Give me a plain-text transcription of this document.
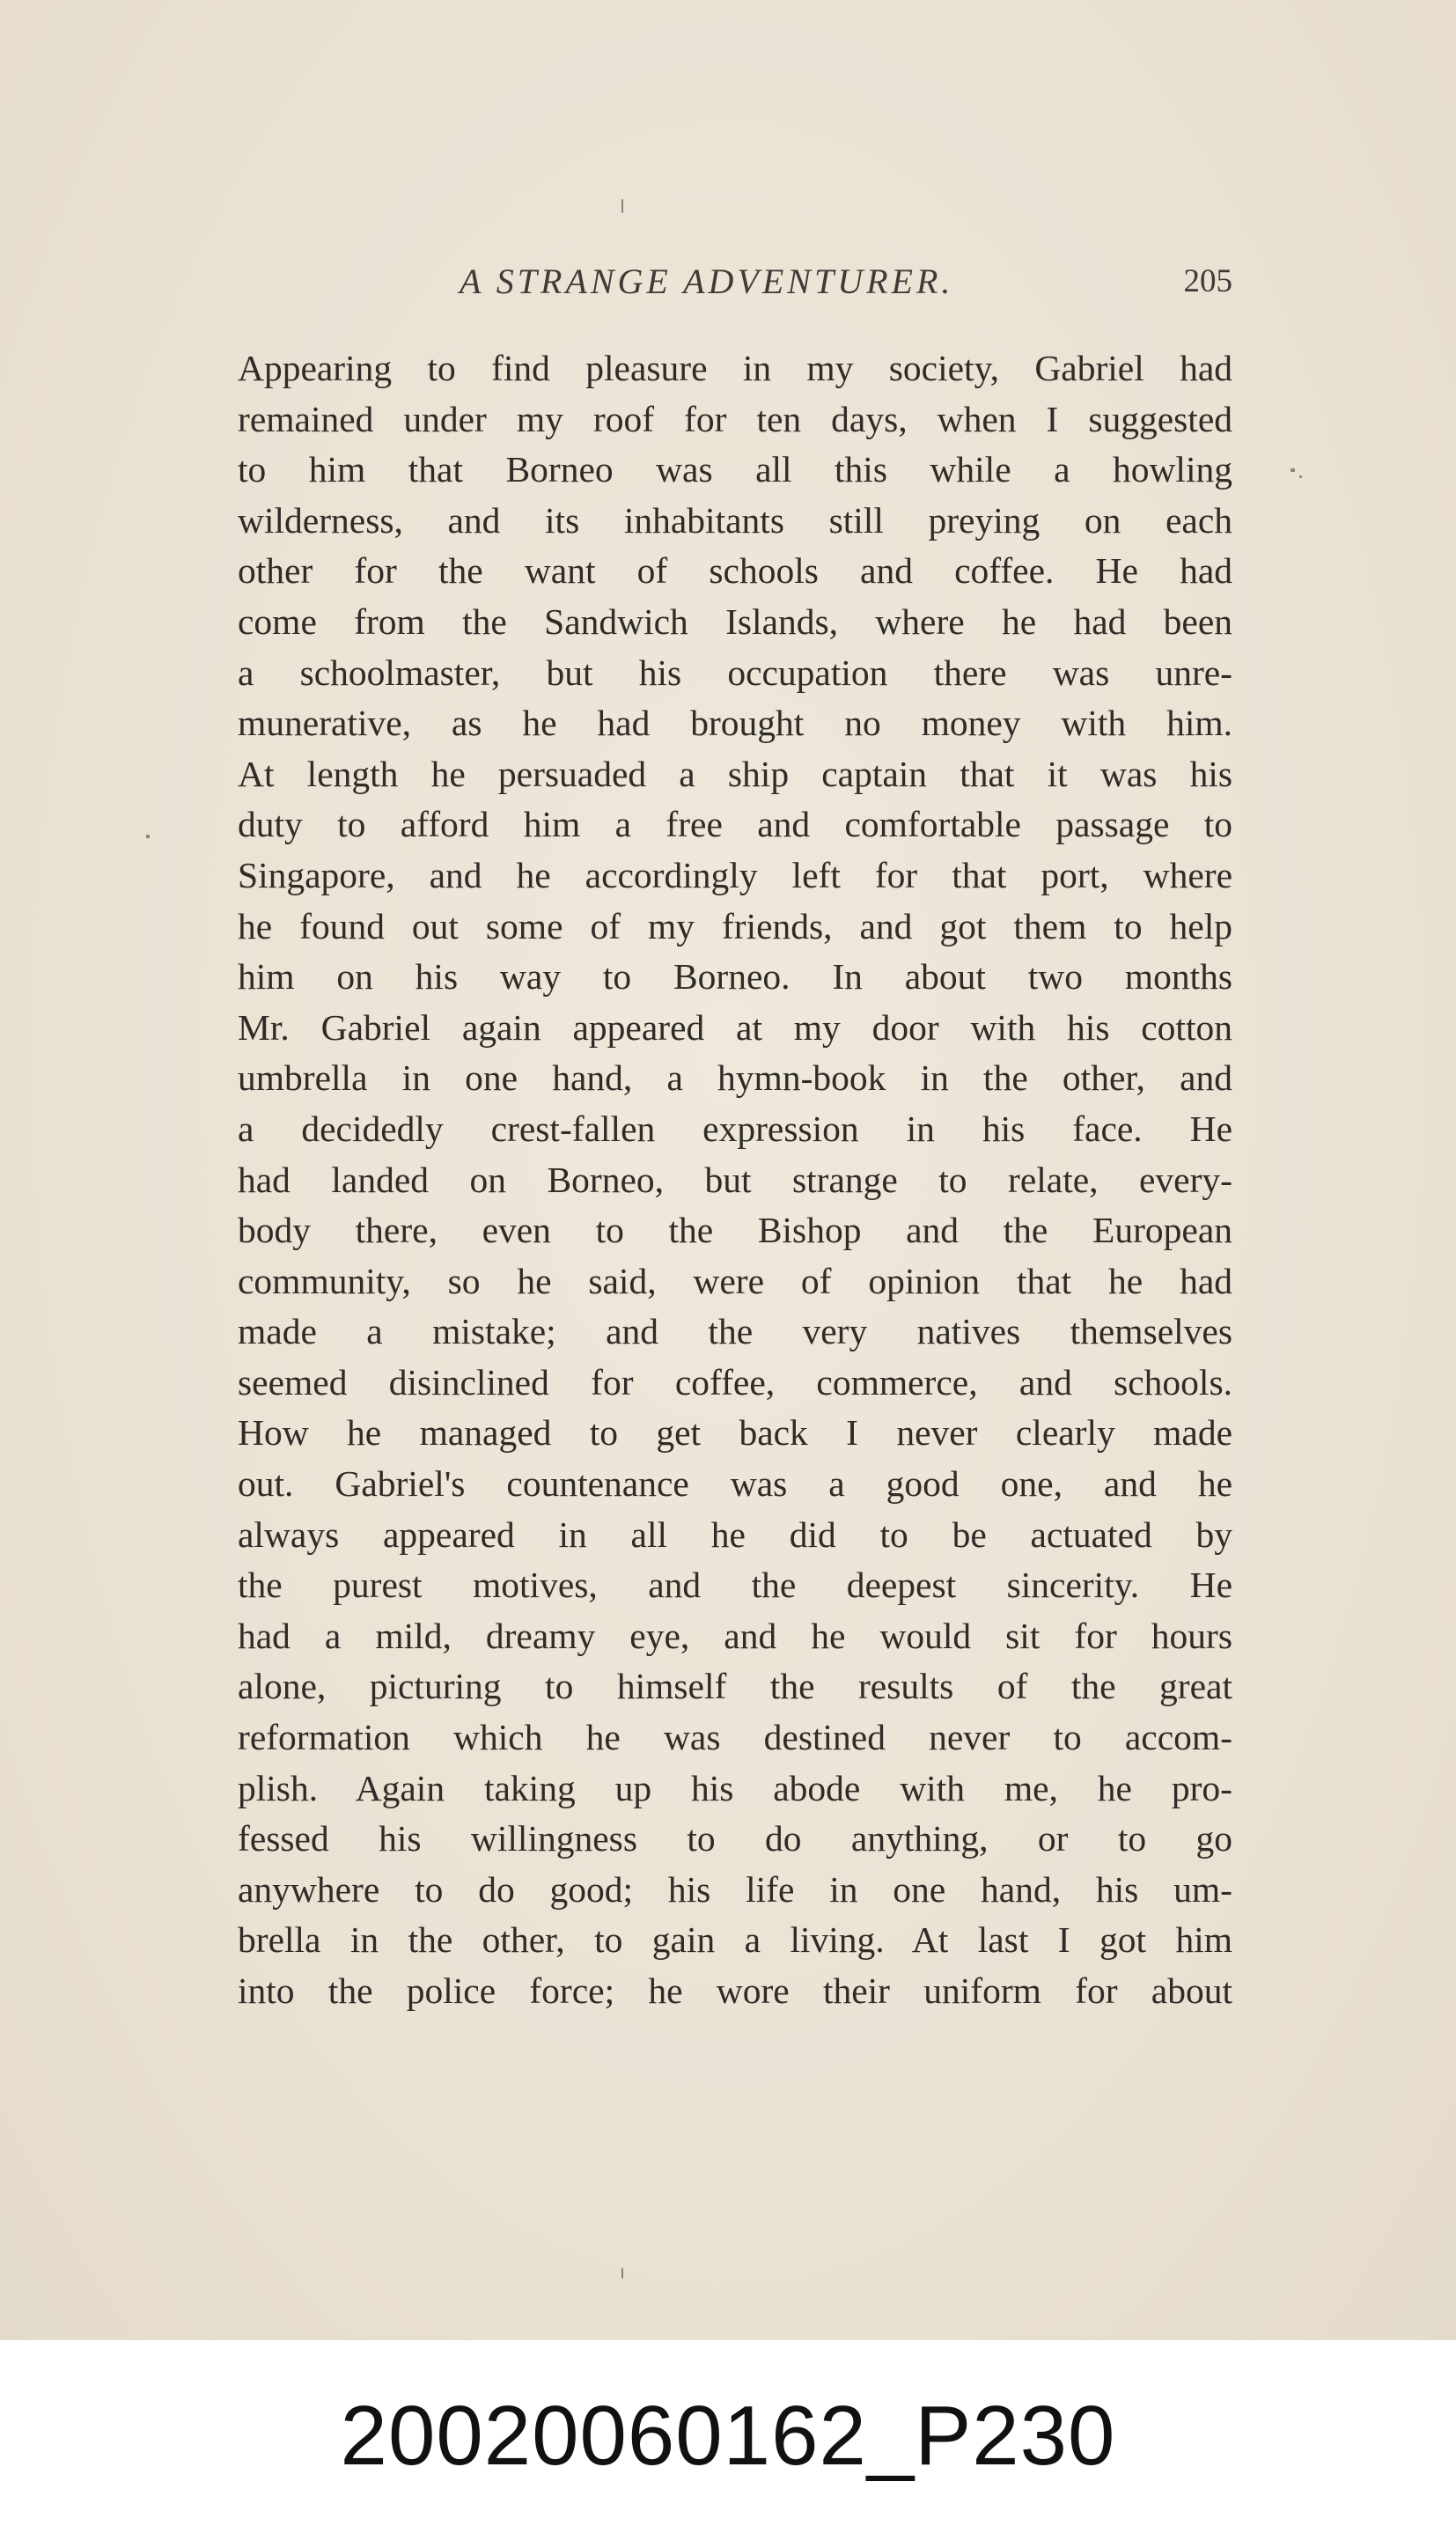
A STRANGE ADVENTURER.	205
Appearing to find pleasure in my society, Gabriel had
remained under my roof for ten days, when I suggested
to him that Borneo was all this while a howling
wilderness, and its inhabitants still preying on each
other for the want of schools and coffee. He had
come from the Sandwich Islands, where he had been
a schoolmaster, but his occupation there was unre-
munerative, as he had brought no money with him.
At length he persuaded a ship captain that it was his
duty to afford him a free and comfortable passage to
Singapore, and he accordingly left for that port, where
he found out some of my friends, and got them to help
him on his way to Borneo. In about two months
Mr. Gabriel again appeared at my door with his cotton
umbrella in one hand, a hymn-book in the other, and
a decidedly crest-fallen expression in his face. He
had landed on Borneo, but strange to relate, every-
body there, even to the Bishop and the European
community, so he said, were of opinion that he had
made a mistake; and the very natives themselves
seemed disinclined for coffee, commerce, and schools.
How he managed to get back I never clearly made
out. Gabriel's countenance was a good one, and he
always appeared in all he did to be actuated by
the purest motives, and the deepest sincerity. He
had a mild, dreamy eye, and he would sit for hours
alone, picturing to himself the results of the great
reformation which he was destined never to accom-
plish. Again taking up his abode with me, he pro-
fessed his willingness to do anything, or to go
anywhere to do good; his life in one hand, his um-
brella in the other, to gain a living. At last I got him
into the police force; he wore their uniform for about
20020060162_P230
